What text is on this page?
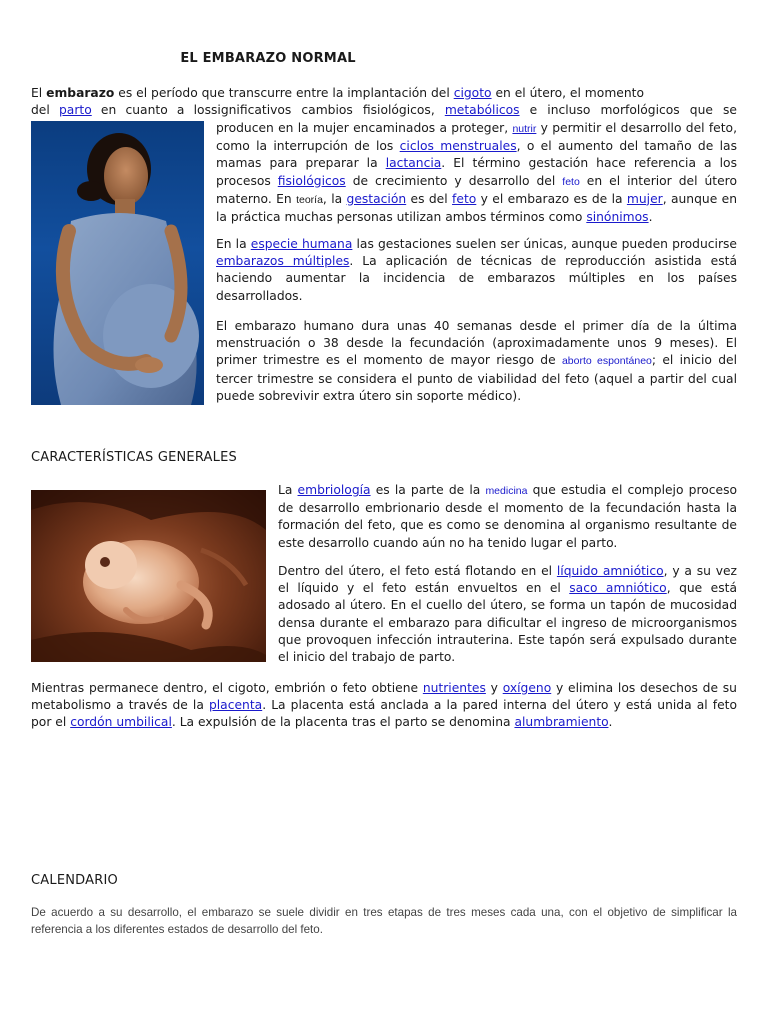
EL EMBARAZO NORMAL

El embarazo es el período que transcurre entre la implantación del cigoto en el útero, el momento

del parto en cuanto a los significativos cambios fisiológicos, metabólicos e incluso morfológicos que se

producen en la mujer encaminados a proteger, nutrir y permitir el desarrollo del feto, como la interrupción de los ciclos menstruales, o el aumento del tamaño de las mamas para preparar la lactancia. El término gestación hace referencia a los procesos fisiológicos de crecimiento y desarrollo del feto en el interior del útero materno. En teoría, la gestación es del feto y el embarazo es de la mujer, aunque en la práctica muchas personas utilizan ambos términos como sinónimos.

En la especie humana las gestaciones suelen ser únicas, aunque pueden producirse embarazos múltiples. La aplicación de técnicas de reproducción asistida está haciendo aumentar la incidencia de embarazos múltiples en los países desarrollados.

El embarazo humano dura unas 40 semanas desde el primer día de la última menstruación o 38 desde la fecundación (aproximadamente unos 9 meses). El primer trimestre es el momento de mayor riesgo de aborto espontáneo; el inicio del tercer trimestre se considera el punto de viabilidad del feto (aquel a partir del cual puede sobrevivir extra útero sin soporte médico).

CARACTERÍSTICAS GENERALES

La embriología es la parte de la medicina que estudia el complejo proceso de desarrollo embrionario desde el momento de la fecundación hasta la formación del feto, que es como se denomina al organismo resultante de este desarrollo cuando aún no ha tenido lugar el parto.

Dentro del útero, el feto está flotando en el líquido amniótico, y a su vez el líquido y el feto están envueltos en el saco amniótico, que está adosado al útero. En el cuello del útero, se forma un tapón de mucosidad densa durante el embarazo para dificultar el ingreso de microorganismos que provoquen infección intrauterina. Este tapón será expulsado durante el inicio del trabajo de parto.

Mientras permanece dentro, el cigoto, embrión o feto obtiene nutrientes y oxígeno y elimina los desechos de su metabolismo a través de la placenta. La placenta está anclada a la pared interna del útero y está unida al feto por el cordón umbilical. La expulsión de la placenta tras el parto se denomina alumbramiento.

CALENDARIO
De acuerdo a su desarrollo, el embarazo se suele dividir en tres etapas de tres meses cada una, con el objetivo de simplificar la referencia a los diferentes estados de desarrollo del feto.
